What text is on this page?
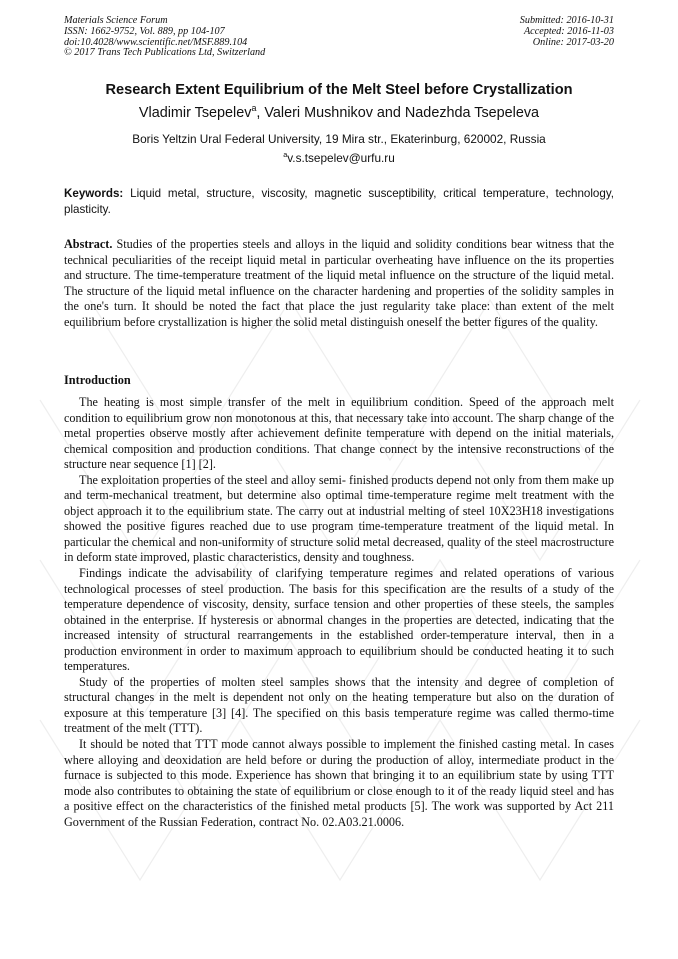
Materials Science Forum
ISSN: 1662-9752, Vol. 889, pp 104-107
doi:10.4028/www.scientific.net/MSF.889.104
© 2017 Trans Tech Publications Ltd, Switzerland
Submitted: 2016-10-31
Accepted: 2016-11-03
Online: 2017-03-20
Research Extent Equilibrium of the Melt Steel before Crystallization
Vladimir Tsepelev$^a$, Valeri Mushnikov and Nadezhda Tsepeleva
Boris Yeltzin Ural Federal University, 19 Mira str., Ekaterinburg, 620002, Russia
$^a$v.s.tsepelev@urfu.ru
Keywords: Liquid metal, structure, viscosity, magnetic susceptibility, critical temperature, technology, plasticity.
Abstract. Studies of the properties steels and alloys in the liquid and solidity conditions bear witness that the technical peculiarities of the receipt liquid metal in particular overheating have influence on the its properties and structure. The time-temperature treatment of the liquid metal influence on the structure of the liquid metal. The structure of the liquid metal influence on the character hardening and properties of the solidity samples in the one's turn. It should be noted the fact that place the just regularity take place: than extent of the melt equilibrium before crystallization is higher the solid metal distinguish oneself the better figures of the quality.
Introduction

The heating is most simple transfer of the melt in equilibrium condition. Speed of the approach melt condition to equilibrium grow non monotonous at this, that necessary take into account. The sharp change of the metal properties observe mostly after achievement definite temperature with depend on the initial materials, chemical composition and production conditions. That change connect by the intensive reconstructions of the structure near sequence [1] [2].

The exploitation properties of the steel and alloy semi- finished products depend not only from them make up and term-mechanical treatment, but determine also optimal time-temperature regime melt treatment with the object approach it to the equilibrium state. The carry out at industrial melting of steel 10X23H18 investigations showed the positive figures reached due to use program time-temperature treatment of the liquid metal. In particular the chemical and non-uniformity of structure solid metal decreased, quality of the steel macrostructure in deform state improved, plastic characteristics, density and toughness.

Findings indicate the advisability of clarifying temperature regimes and related operations of various technological processes of steel production. The basis for this specification are the results of a study of the temperature dependence of viscosity, density, surface tension and other properties of these steels, the samples obtained in the enterprise. If hysteresis or abnormal changes in the properties are detected, indicating that the increased intensity of structural rearrangements in the established order-temperature interval, then in a production environment in order to maximum approach to equilibrium should be conducted heating it to such temperatures.

Study of the properties of molten steel samples shows that the intensity and degree of completion of structural changes in the melt is dependent not only on the heating temperature but also on the duration of exposure at this temperature [3] [4]. The specified on this basis temperature regime was called thermo-time treatment of the melt (TTT).

It should be noted that TTT mode cannot always possible to implement the finished casting metal. In cases where alloying and deoxidation are held before or during the production of alloy, intermediate product in the furnace is subjected to this mode. Experience has shown that bringing it to an equilibrium state by using TTT mode also contributes to obtaining the state of equilibrium or close enough to it of the ready liquid steel and has a positive effect on the characteristics of the finished metal products [5]. The work was supported by Act 211 Government of the Russian Federation, contract No. 02.A03.21.0006.
